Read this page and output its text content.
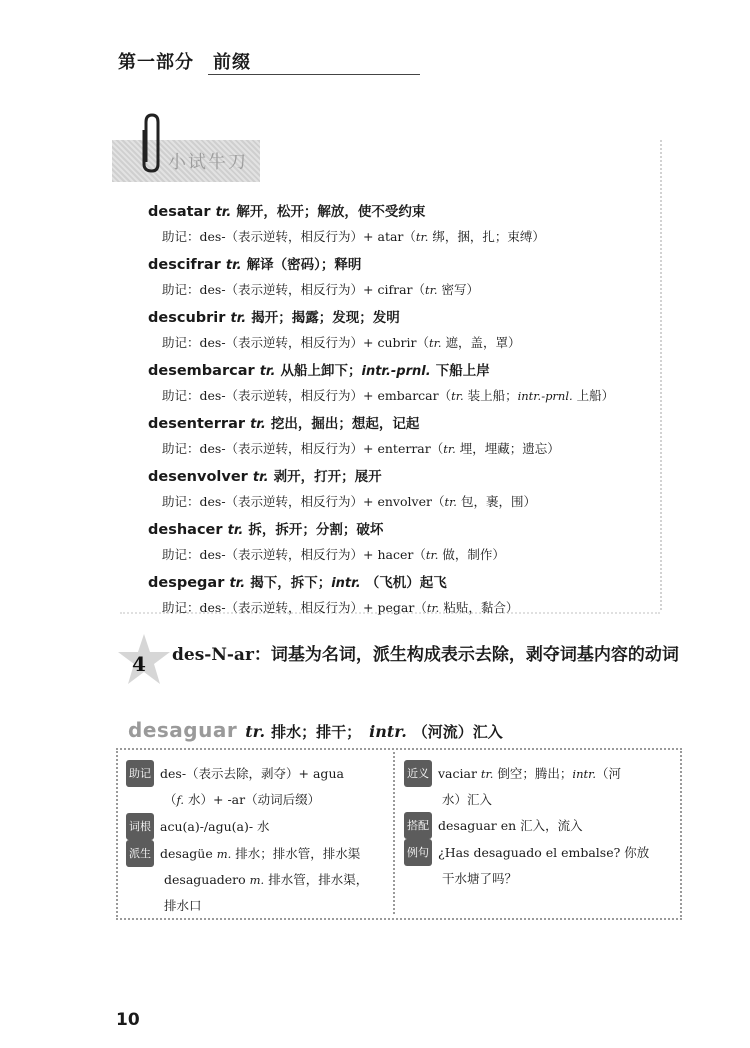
第一部分　前缀
小试牛刀
desatar tr. 解开，松开；解放，使不受约束
助记：des-（表示逆转，相反行为）+ atar（tr. 绑，捆，扎；束缚）
descifrar tr. 解译（密码）；释明
助记：des-（表示逆转，相反行为）+ cifrar（tr. 密写）
descubrir tr. 揭开；揭露；发现；发明
助记：des-（表示逆转，相反行为）+ cubrir（tr. 遮，盖，罩）
desembarcar tr. 从船上卸下；intr.-prnl. 下船上岸
助记：des-（表示逆转，相反行为）+ embarcar（tr. 装上船；intr.-prnl. 上船）
desenterrar tr. 挖出，掘出；想起，记起
助记：des-（表示逆转，相反行为）+ enterrar（tr. 埋，埋藏；遗忘）
desenvolver tr. 剥开，打开；展开
助记：des-（表示逆转，相反行为）+ envolver（tr. 包，裹，围）
deshacer tr. 拆，拆开；分割；破坏
助记：des-（表示逆转，相反行为）+ hacer（tr. 做，制作）
despegar tr. 揭下，拆下；intr. （飞机）起飞
助记：des-（表示逆转，相反行为）+ pegar（tr. 粘贴，黏合）
4 des-N-ar：词基为名词，派生构成表示去除，剥夺词基内容的动词
desaguar tr. 排水；排干； intr. （河流）汇入
助记 des-（表示去除，剥夺）+ agua
（f. 水）+ -ar（动词后缀）
词根 acu(a)-/agu(a)- 水
派生 desagüe m. 排水；排水管，排水渠
desaguadero m. 排水管，排水渠，
排水口
近义 vaciar tr. 倒空；腾出；intr.（河
水）汇入
搭配 desaguar en 汇入，流入
例句 ¿Has desaguado el embalse? 你放
干水塘了吗？
10
